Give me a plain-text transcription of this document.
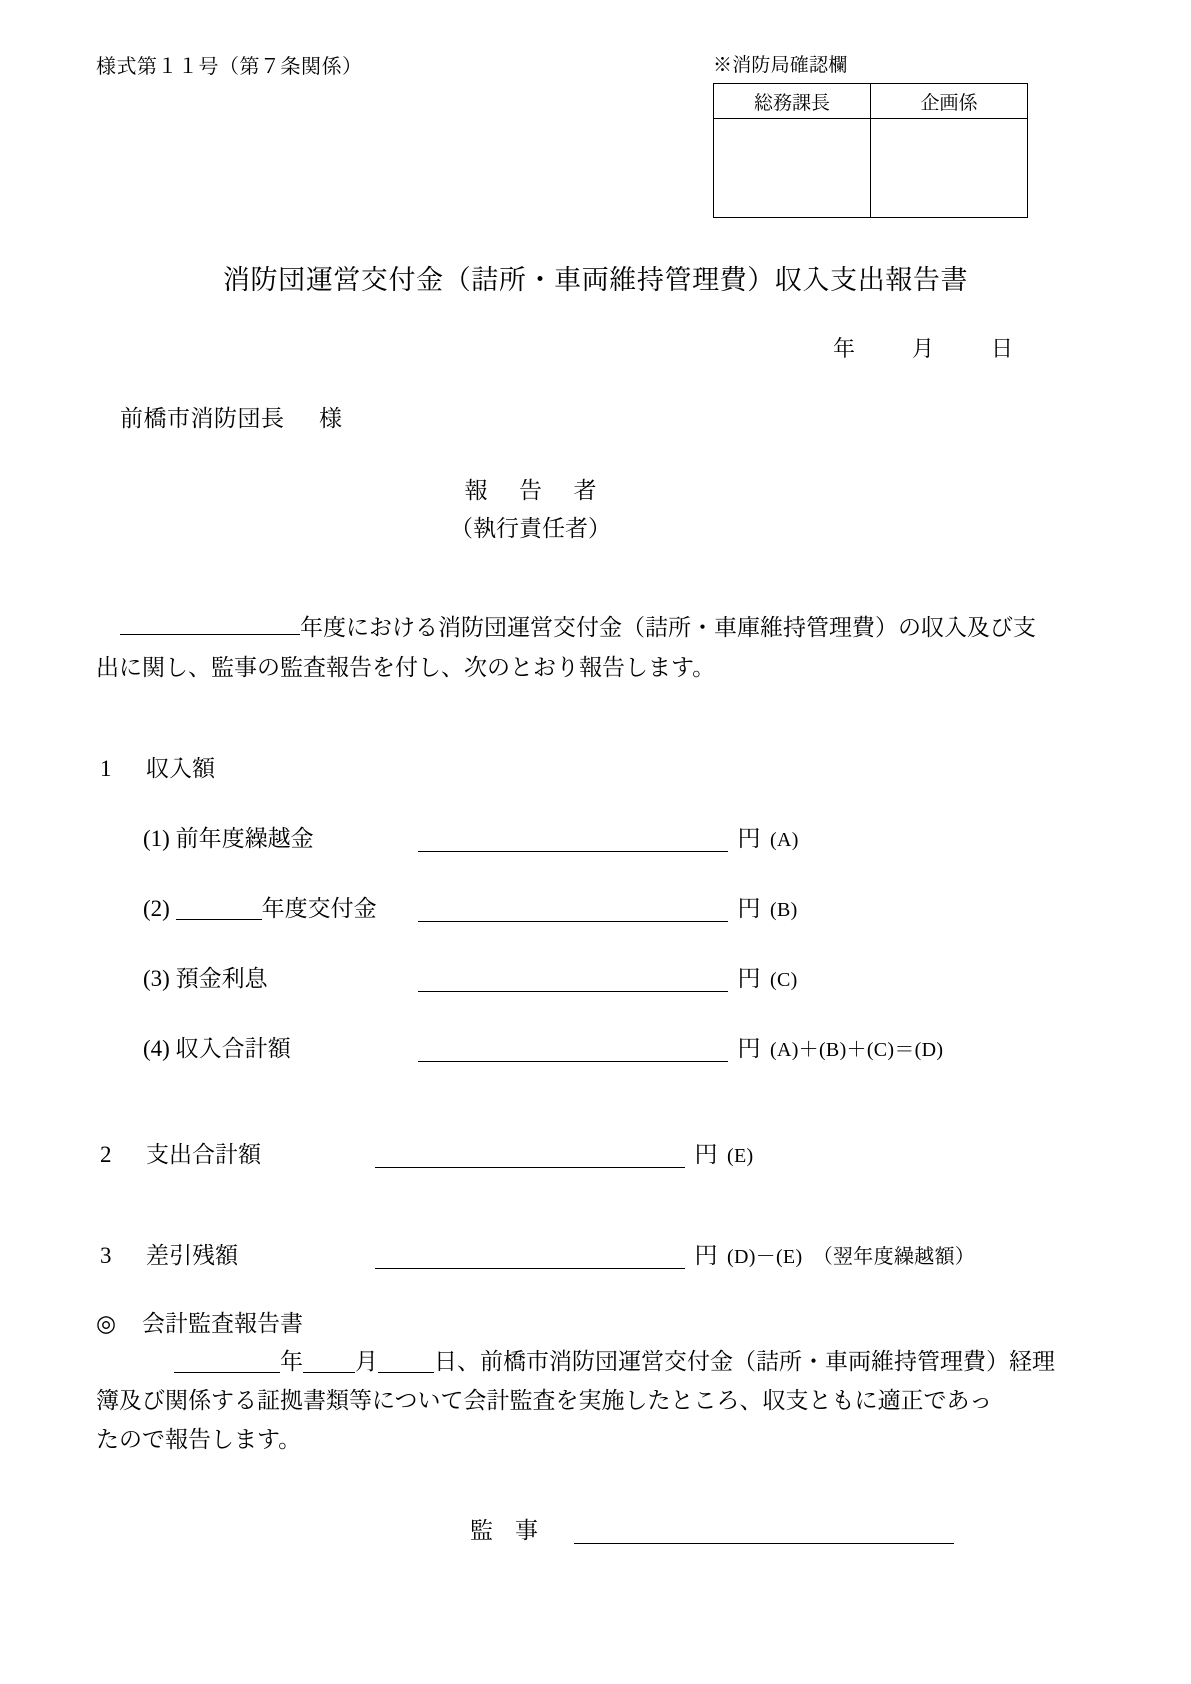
様式第１１号（第７条関係）	※消防局確認欄
総務課長	企画係

消防団運営交付金（詰所・車両維持管理費）収入支出報告書
年	月	日
前橋市消防団長 様
報 告 者
（執行責任者）
年度における消防団運営交付金（詰所・車庫維持管理費）の収入及び支
出に関し、監事の監査報告を付し、次のとおり報告します。
1 収入額
(1) 前年度繰越金	円 (A)
(2)	年度交付金	円 (B)
(3) 預金利息	円 (C)
(4) 収入合計額	円 (A)＋(B)＋(C)＝(D)
2 支出合計額	円 (E)
3 差引残額	円 (D)－(E)　（翌年度繰越額）
◎ 会計監査報告書
年 月 日、前橋市消防団運営交付金（詰所・車両維持管理費）経理
簿及び関係する証拠書類等について会計監査を実施したところ、収支ともに適正であっ
たので報告します。
監 事
